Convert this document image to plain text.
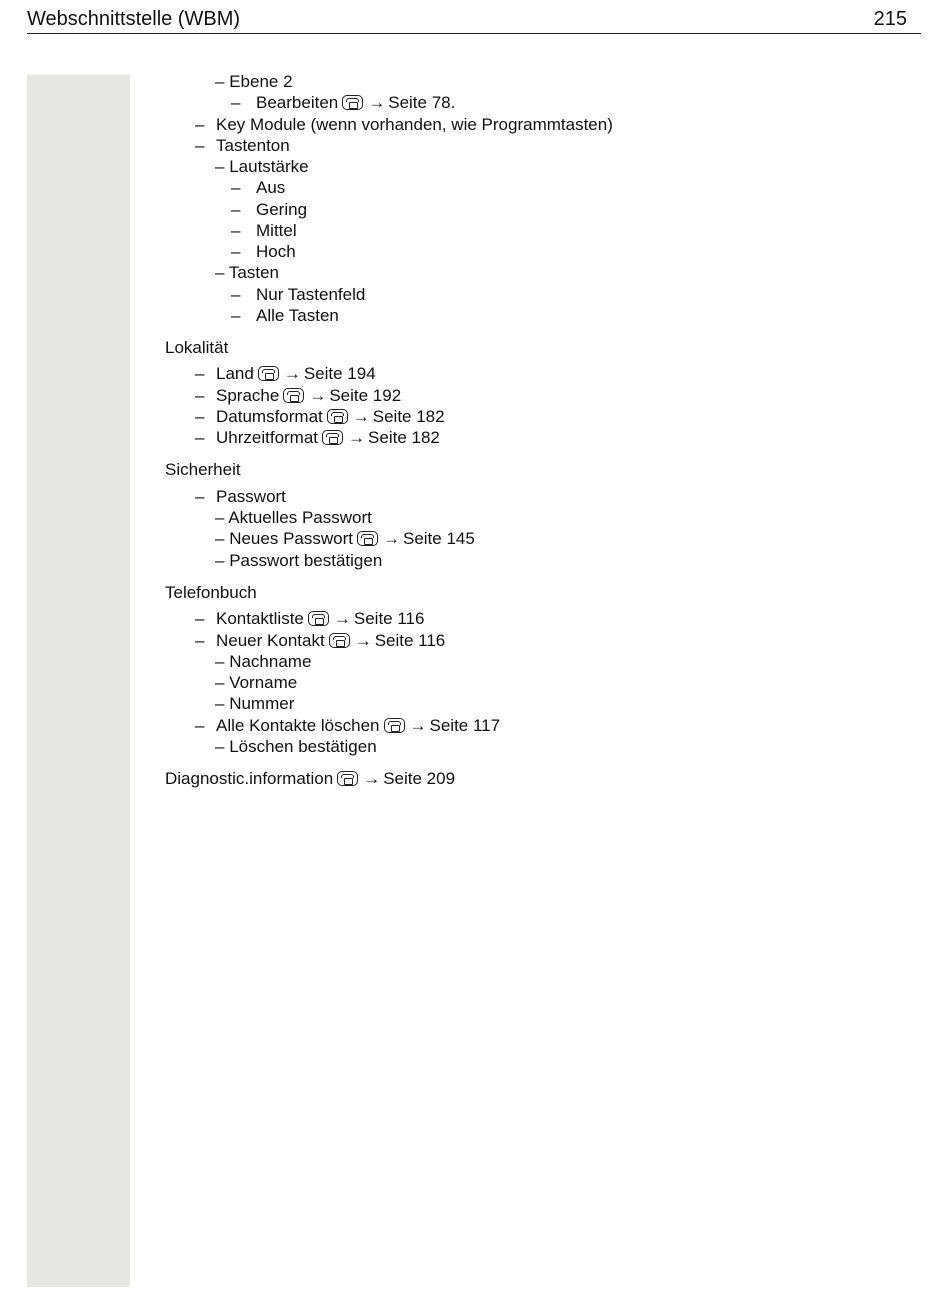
Webschnittstelle (WBM)	215
– Ebene 2
– Bearbeiten → Seite 78.
– Key Module (wenn vorhanden, wie Programmtasten)
– Tastenton
– Lautstärke
– Aus
– Gering
– Mittel
– Hoch
– Tasten
– Nur Tastenfeld
– Alle Tasten
Lokalität
– Land → Seite 194
– Sprache → Seite 192
– Datumsformat → Seite 182
– Uhrzeitformat → Seite 182
Sicherheit
– Passwort
– Aktuelles Passwort
– Neues Passwort → Seite 145
– Passwort bestätigen
Telefonbuch
– Kontaktliste → Seite 116
– Neuer Kontakt → Seite 116
– Nachname
– Vorname
– Nummer
– Alle Kontakte löschen → Seite 117
– Löschen bestätigen
Diagnostic.information → Seite 209
